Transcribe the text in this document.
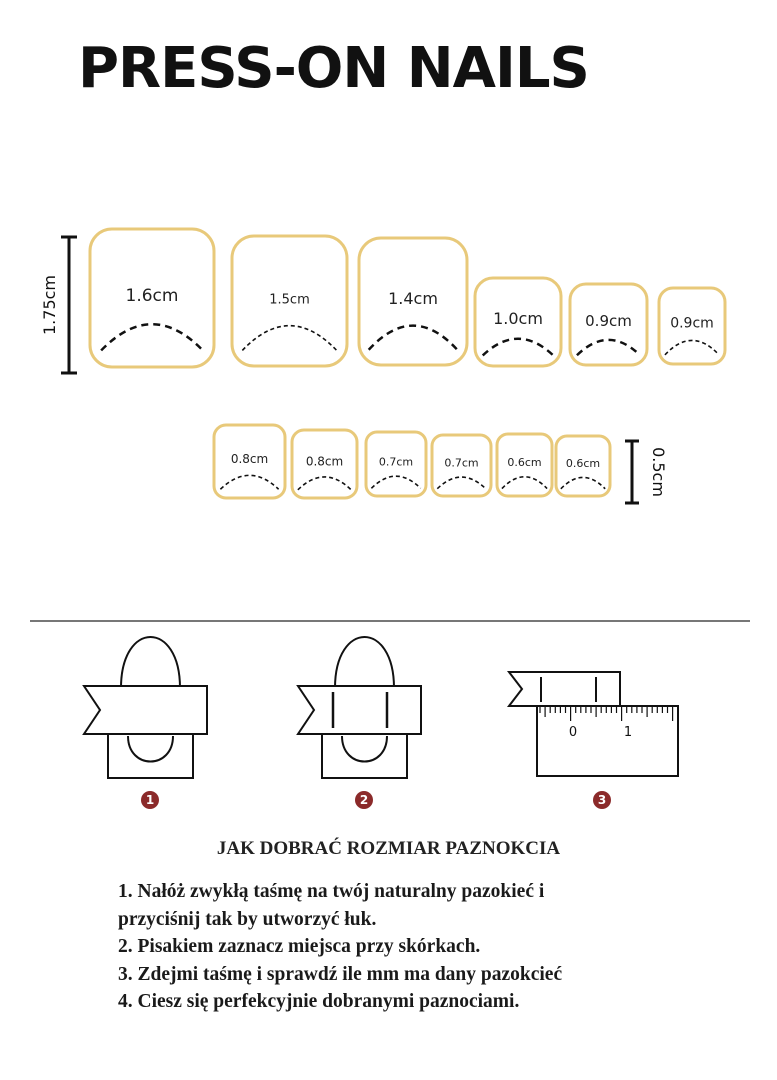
PRESS-ON NAILS
1.75cm	1.6cm	1.5cm	1.4cm
1.0cm	0.9cm	0.9cm
0.8cm	0.8cm	0.7cm	0.7cm	0.6cm 0.6cm	0.5cm
0	1
1	2	3
JAK DOBRAĆ ROZMIAR PAZNOKCIA
1. Nałóż zwykłą taśmę na twój naturalny pazokieć i
przyciśnij tak by utworzyć łuk.
2. Pisakiem zaznacz miejsca przy skórkach.
3. Zdejmi taśmę i sprawdź ile mm ma dany pazokcieć
4. Ciesz się perfekcyjnie dobranymi paznociami.
